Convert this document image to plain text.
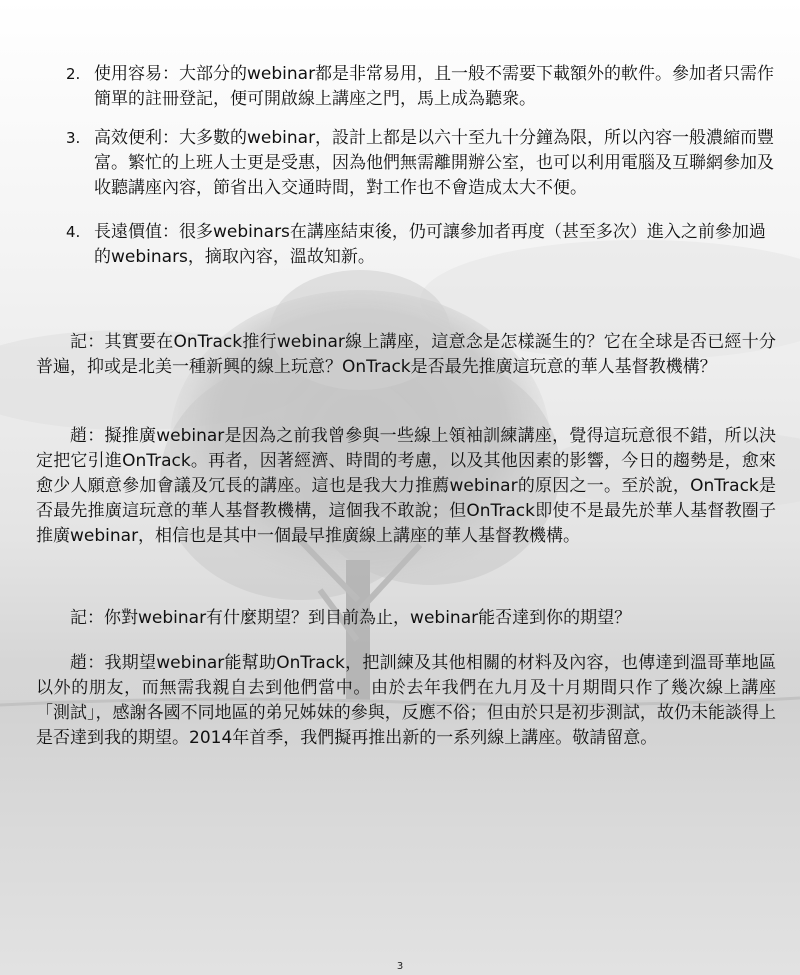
2. 使用容易：大部分的webinar都是非常易用，且一般不需要下載額外的軟件。參加者只需作簡單的註冊登記，便可開啟線上講座之門，馬上成為聽衆。

3. 高效便利：大多數的webinar，設計上都是以六十至九十分鐘為限，所以內容一般濃縮而豐富。繁忙的上班人士更是受惠，因為他們無需離開辦公室，也可以利用電腦及互聯網參加及收聽講座內容，節省出入交通時間，對工作也不會造成太大不便。

4. 長遠價值：很多webinars在講座結束後，仍可讓參加者再度（甚至多次）進入之前參加過的webinars，摘取內容，溫故知新。

記：其實要在OnTrack推行webinar線上講座，這意念是怎樣誕生的？它在全球是否已經十分普遍，抑或是北美一種新興的線上玩意？OnTrack是否最先推廣這玩意的華人基督教機構？

趙：擬推廣webinar是因為之前我曾參與一些線上領袖訓練講座，覺得這玩意很不錯，所以決定把它引進OnTrack。再者，因著經濟、時間的考慮，以及其他因素的影響，今日的趨勢是，愈來愈少人願意參加會議及冗長的講座。這也是我大力推薦webinar的原因之一。至於說，OnTrack是否最先推廣這玩意的華人基督教機構，這個我不敢說；但OnTrack即使不是最先於華人基督教圈子推廣webinar，相信也是其中一個最早推廣線上講座的華人基督教機構。

記：你對webinar有什麼期望？到目前為止，webinar能否達到你的期望？

趙：我期望webinar能幫助OnTrack，把訓練及其他相關的材料及內容，也傳達到溫哥華地區以外的朋友，而無需我親自去到他們當中。由於去年我們在九月及十月期間只作了幾次線上講座「測試」，感謝各國不同地區的弟兄姊妹的參與，反應不俗；但由於只是初步測試，故仍未能談得上是否達到我的期望。2014年首季，我們擬再推出新的一系列線上講座。敬請留意。

3
